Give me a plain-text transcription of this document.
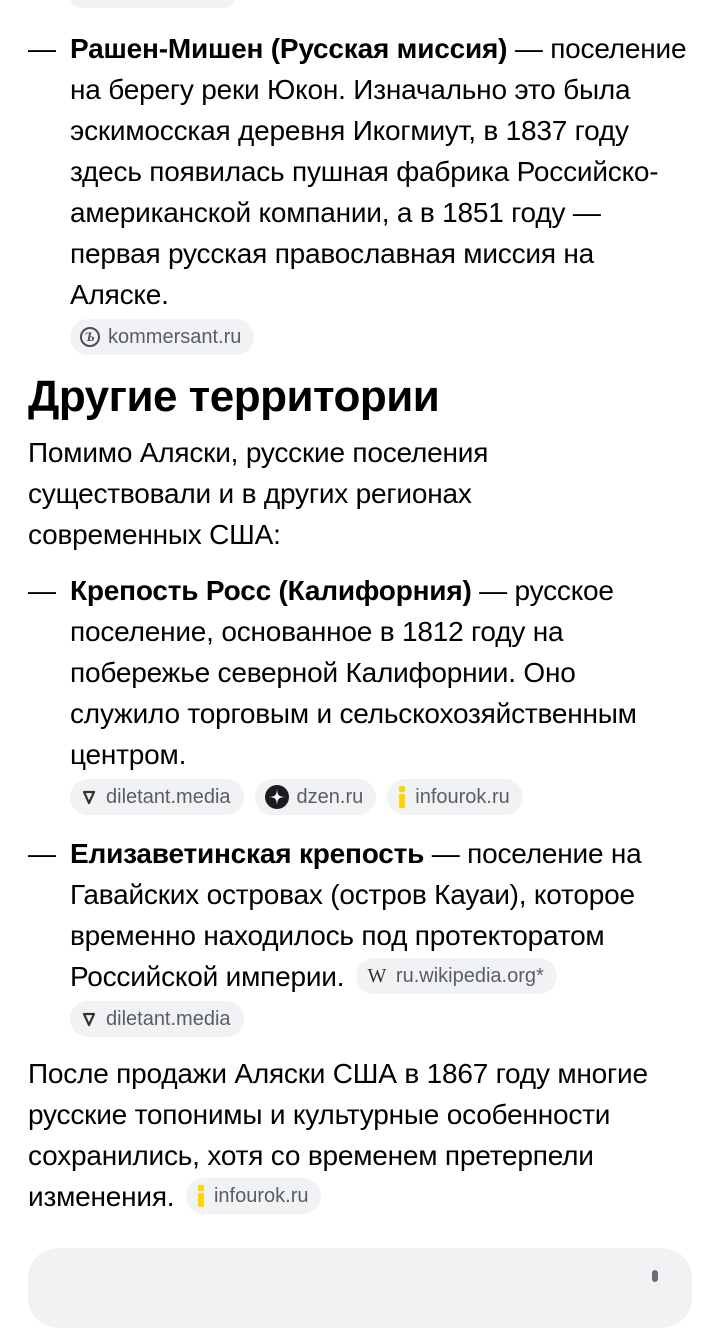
— Рашен-Мишен (Русская миссия) — поселение на берегу реки Юкон. Изначально это была эскимосская деревня Икогмиут, в 1837 году здесь появилась пушная фабрика Российско-американской компании, а в 1851 году — первая русская православная миссия на Аляске.
Ъ kommersant.ru
Другие территории

Помимо Аляски, русские поселения существовали и в других регионах современных США:

— Крепость Росс (Калифорния) — русское поселение, основанное в 1812 году на побережье северной Калифорнии. Оно служило торговым и сельскохозяйственным центром.
diletant.media	dzen.ru	infourok.ru
— Елизаветинская крепость — поселение на Гавайских островах (остров Кауаи), которое временно находилось под протекторатом Российской империи. W ru.wikipedia.org*
diletant.media

После продажи Аляски США в 1867 году многие русские топонимы и культурные особенности сохранились, хотя со временем претерпели изменения. infourok.ru
